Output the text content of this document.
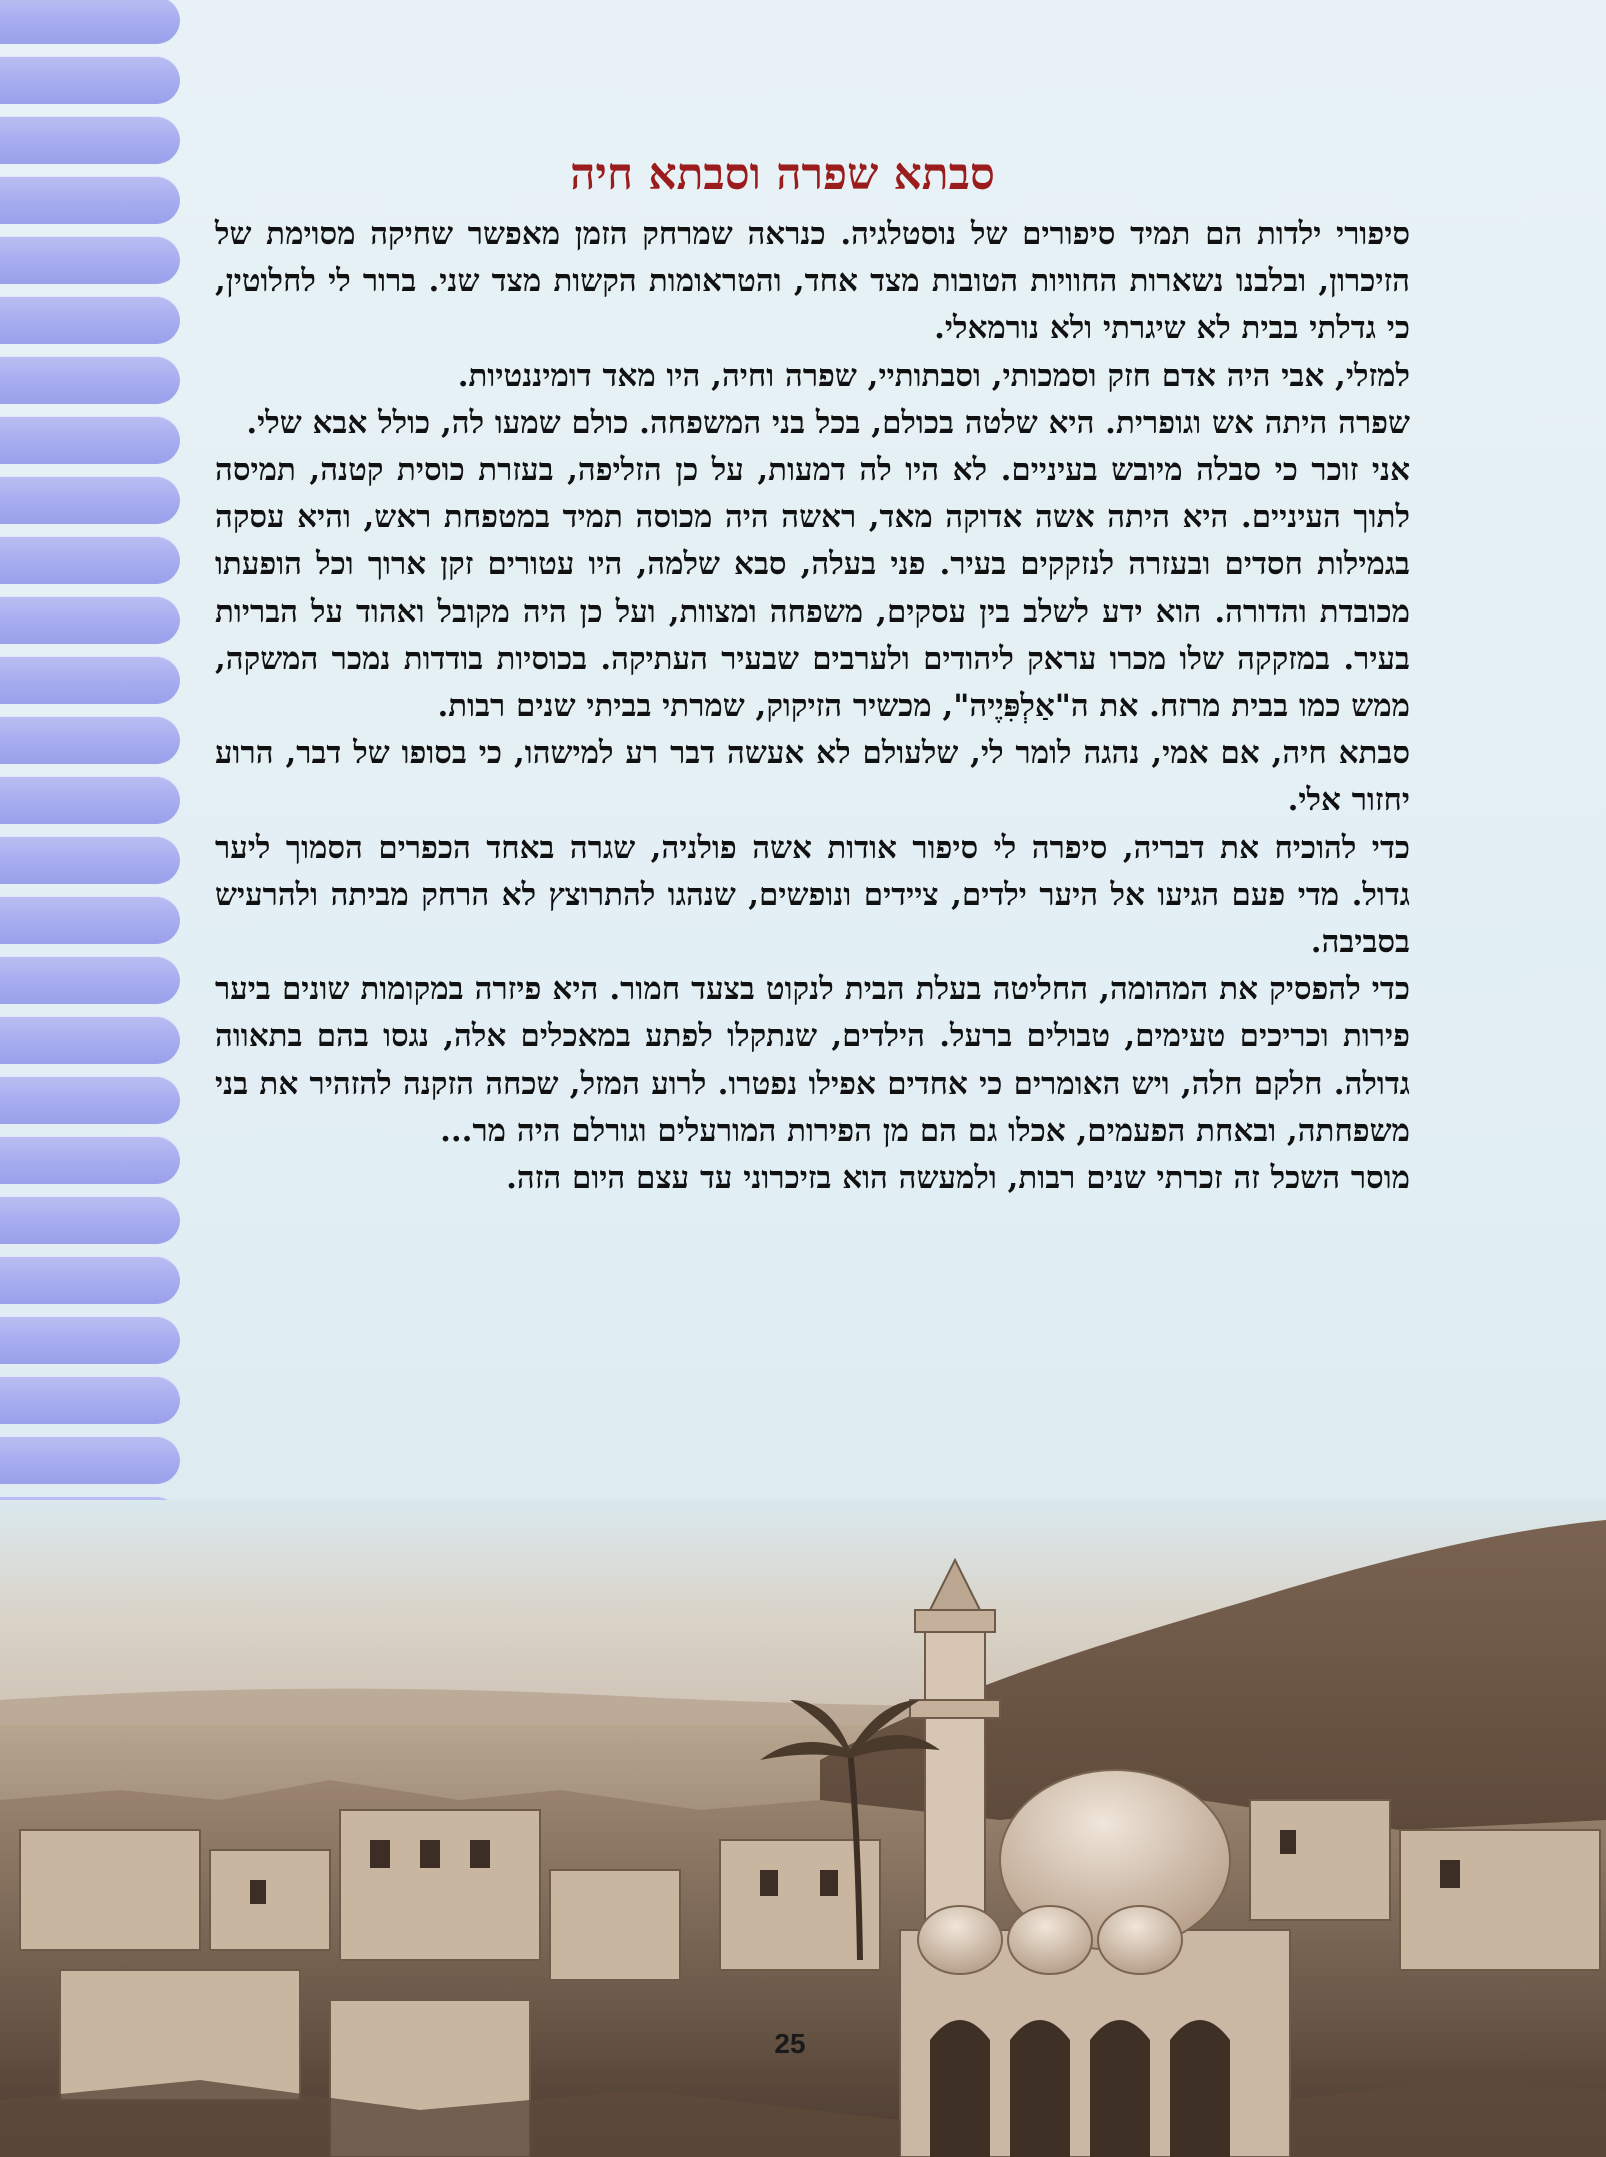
סבתא שפרה וסבתא חיה

סיפורי ילדות הם תמיד סיפורים של נוסטלגיה. כנראה שמרחק הזמן מאפשר שחיקה מסוימת של הזיכרון, ובלבנו נשארות החוויות הטובות מצד אחד, והטראומות הקשות מצד שני. ברור לי לחלוטין, כי גדלתי בבית לא שיגרתי ולא נורמאלי.

למזלי, אבי היה אדם חזק וסמכותי, וסבתותיי, שפרה וחיה, היו מאד דומיננטיות.

שפרה היתה אש וגופרית. היא שלטה בכולם, בכל בני המשפחה. כולם שמעו לה, כולל אבא שלי.

אני זוכר כי סבלה מיובש בעיניים. לא היו לה דמעות, על כן הזליפה, בעזרת כוסית קטנה, תמיסה לתוך העיניים. היא היתה אשה אדוקה מאד, ראשה היה מכוסה תמיד במטפחת ראש, והיא עסקה בגמילות חסדים ובעזרה לנזקקים בעיר. פני בעלה, סבא שלמה, היו עטורים זקן ארוך וכל הופעתו מכובדת והדורה. הוא ידע לשלב בין עסקים, משפחה ומצוות, ועל כן היה מקובל ואהוד על הבריות בעיר. במזקקה שלו מכרו עראק ליהודים ולערבים שבעיר העתיקה. בכוסיות בודדות נמכר המשקה, ממש כמו בבית מרזח. את ה"אַלְפִּיֶיה", מכשיר הזיקוק, שמרתי בביתי שנים רבות.

סבתא חיה, אם אמי, נהגה לומר לי, שלעולם לא אעשה דבר רע למישהו, כי בסופו של דבר, הרוע יחזור אלי.

כדי להוכיח את דבריה, סיפרה לי סיפור אודות אשה פולניה, שגרה באחד הכפרים הסמוך ליער גדול. מדי פעם הגיעו אל היער ילדים, ציידים ונופשים, שנהגו להתרוצץ לא הרחק מביתה ולהרעיש בסביבה.

כדי להפסיק את המהומה, החליטה בעלת הבית לנקוט בצעד חמור. היא פיזרה במקומות שונים ביער פירות וכריכים טעימים, טבולים ברעל. הילדים, שנתקלו לפתע במאכלים אלה, נגסו בהם בתאווה גדולה. חלקם חלה, ויש האומרים כי אחדים אפילו נפטרו. לרוע המזל, שכחה הזקנה להזהיר את בני משפחתה, ובאחת הפעמים, אכלו גם הם מן הפירות המורעלים וגורלם היה מר...

מוסר השכל זה זכרתי שנים רבות, ולמעשה הוא בזיכרוני עד עצם היום הזה.

25
